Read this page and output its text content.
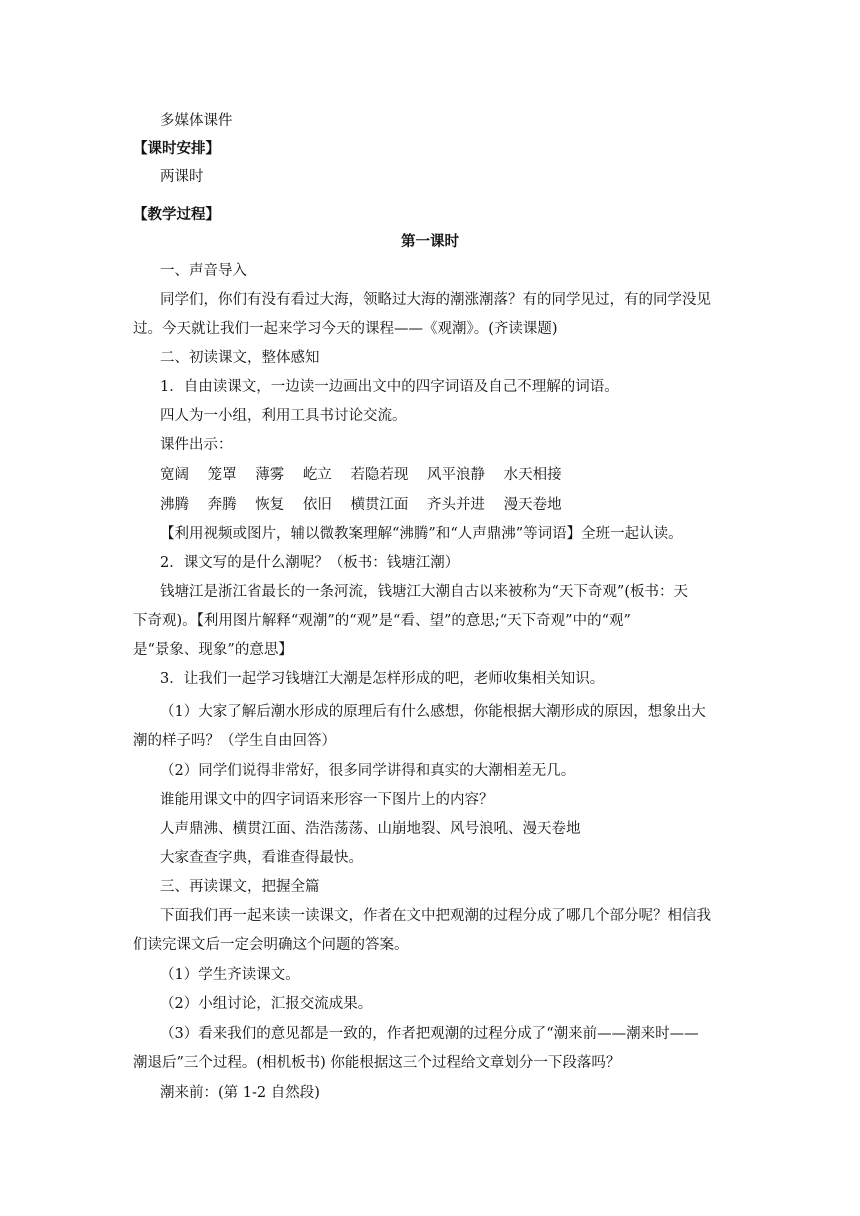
多媒体课件
【课时安排】
两课时
【教学过程】
第一课时
一、声音导入
同学们，你们有没有看过大海，领略过大海的潮涨潮落？有的同学见过，有的同学没见
过。今天就让我们一起来学习今天的课程——《观潮》。(齐读课题)
二、初读课文，整体感知
1．自由读课文，一边读一边画出文中的四字词语及自己不理解的词语。
四人为一小组，利用工具书讨论交流。
课件出示：
宽阔 笼罩 薄雾 屹立 若隐若现 风平浪静 水天相接
沸腾 奔腾 恢复 依旧 横贯江面 齐头并进 漫天卷地
【利用视频或图片，辅以微教案理解“沸腾”和“人声鼎沸”等词语】全班一起认读。
2．课文写的是什么潮呢？（板书：钱塘江潮）
钱塘江是浙江省最长的一条河流，钱塘江大潮自古以来被称为“天下奇观”(板书：天
下奇观)。【利用图片解释“观潮”的“观”是“看、望”的意思;“天下奇观”中的“观”
是“景象、现象”的意思】
3．让我们一起学习钱塘江大潮是怎样形成的吧，老师收集相关知识。
（1）大家了解后潮水形成的原理后有什么感想，你能根据大潮形成的原因，想象出大
潮的样子吗？（学生自由回答）
（2）同学们说得非常好，很多同学讲得和真实的大潮相差无几。
谁能用课文中的四字词语来形容一下图片上的内容？
人声鼎沸、横贯江面、浩浩荡荡、山崩地裂、风号浪吼、漫天卷地
大家查查字典，看谁查得最快。
三、再读课文，把握全篇
下面我们再一起来读一读课文，作者在文中把观潮的过程分成了哪几个部分呢？相信我
们读完课文后一定会明确这个问题的答案。
（1）学生齐读课文。
（2）小组讨论，汇报交流成果。
（3）看来我们的意见都是一致的，作者把观潮的过程分成了“潮来前——潮来时——
潮退后”三个过程。(相机板书) 你能根据这三个过程给文章划分一下段落吗？
潮来前：(第 1-2 自然段)
